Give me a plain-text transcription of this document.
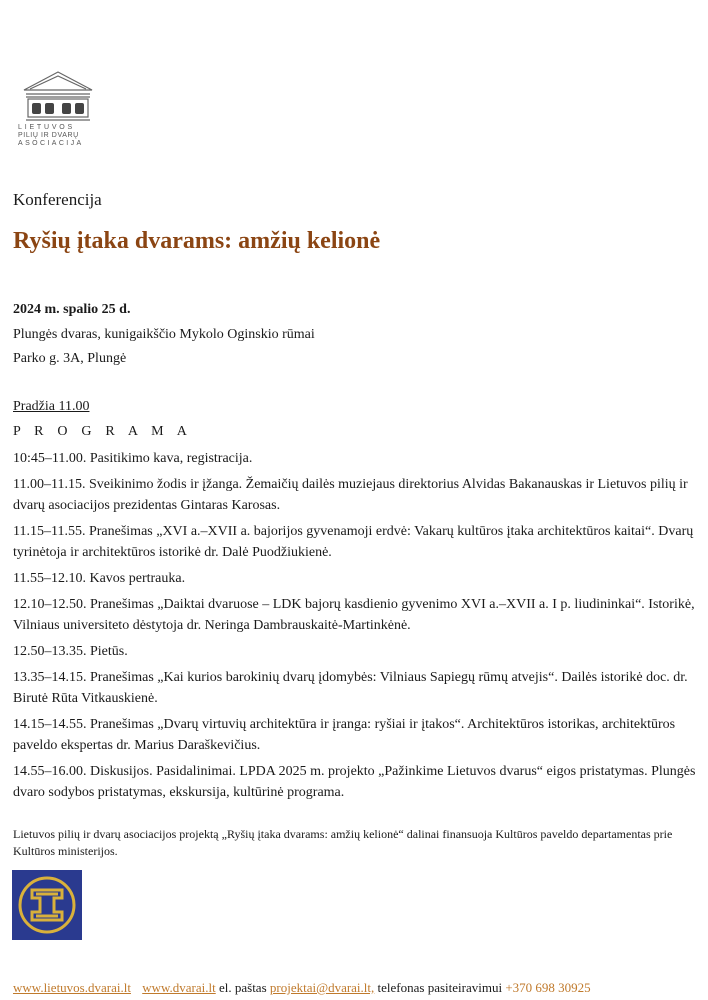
LIETUVOS
PILIŲ IR DVARŲ
ASOCIACIJA
Konferencija
Ryšių įtaka dvarams: amžių kelionė
2024 m. spalio 25 d.
Plungės dvaras, kunigaikščio Mykolo Oginskio rūmai
Parko g. 3A, Plungė
Pradžia 11.00
P R O G R A M A
10:45–11.00. Pasitikimo kava, registracija.
11.00–11.15. Sveikinimo žodis ir įžanga. Žemaičių dailės muziejaus direktorius Alvidas Bakanauskas ir Lietuvos pilių ir dvarų asociacijos prezidentas Gintaras Karosas.
11.15–11.55. Pranešimas „XVI a.–XVII a. bajorijos gyvenamoji erdvė: Vakarų kultūros įtaka architektūros kaitai“. Dvarų tyrinėtoja ir architektūros istorikė dr. Dalė Puodžiukienė.
11.55–12.10. Kavos pertrauka.
12.10–12.50. Pranešimas „Daiktai dvaruose – LDK bajorų kasdienio gyvenimo XVI a.–XVII a. I p. liudininkai“. Istorikė, Vilniaus universiteto dėstytoja dr. Neringa Dambrauskaitė-Martinkėnė.
12.50–13.35. Pietūs.
13.35–14.15. Pranešimas „Kai kurios barokinių dvarų įdomybės: Vilniaus Sapiegų rūmų atvejis“. Dailės istorikė doc. dr. Birutė Rūta Vitkauskienė.
14.15–14.55. Pranešimas „Dvarų virtuvių architektūra ir įranga: ryšiai ir įtakos“. Architektūros istorikas, architektūros paveldo ekspertas dr. Marius Daraškevičius.
14.55–16.00. Diskusijos. Pasidalinimai. LPDA 2025 m. projekto „Pažinkime Lietuvos dvarus“ eigos pristatymas. Plungės dvaro sodybos pristatymas, ekskursija, kultūrinė programa.
Lietuvos pilių ir dvarų asociacijos projektą „Ryšių įtaka dvarams: amžių kelionė“ dalinai finansuoja Kultūros paveldo departamentas prie Kultūros ministerijos.
www.lietuvos.dvarai.lt www.dvarai.lt el. paštas projektai@dvarai.lt, telefonas pasiteiravimui +370 698 30925
